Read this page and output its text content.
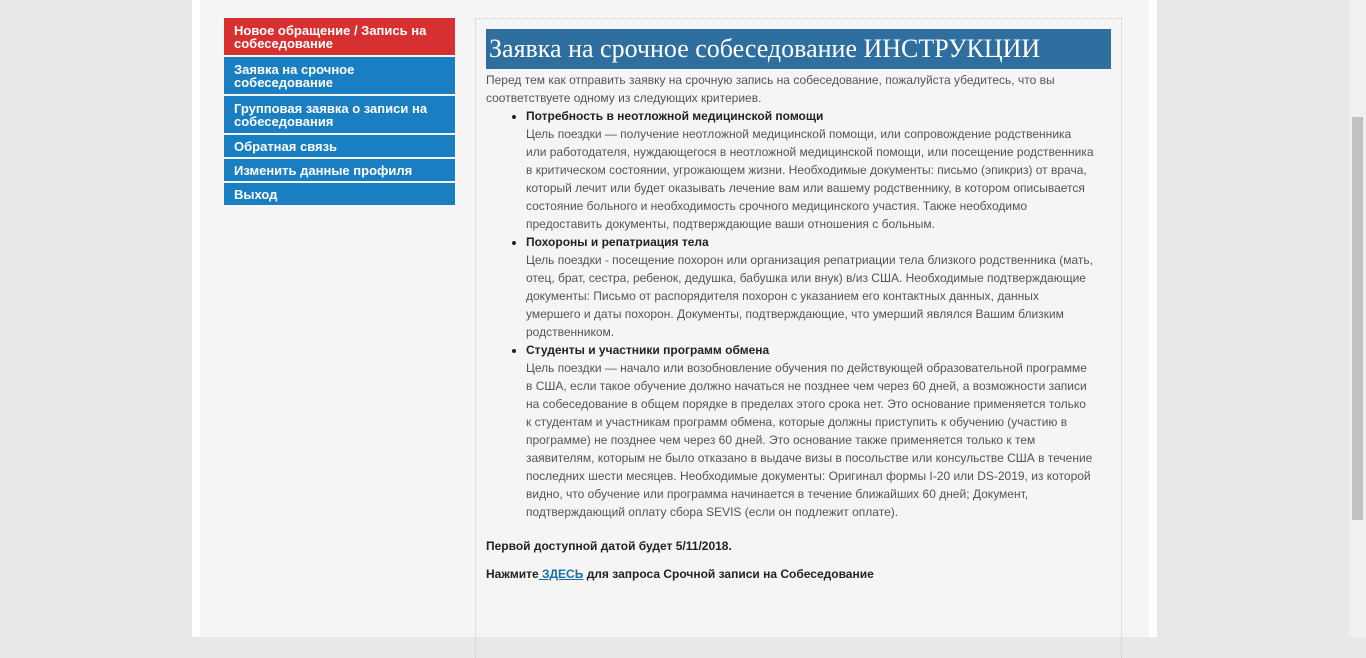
Новое обращение / Запись на собеседование
Заявка на срочное собеседование
Групповая заявка о записи на собеседования
Обратная связь
Изменить данные профиля
Выход
Заявка на срочное собеседование ИНСТРУКЦИИ

Перед тем как отправить заявку на срочную запись на собеседование, пожалуйста убедитесь, что вы соответствуете одному из следующих критериев.

• Потребность в неотложной медицинской помощи
Цель поездки — получение неотложной медицинской помощи, или сопровождение родственника или работодателя, нуждающегося в неотложной медицинской помощи, или посещение родственника в критическом состоянии, угрожающем жизни. Необходимые документы: письмо (эпикриз) от врача, который лечит или будет оказывать лечение вам или вашему родственнику, в котором описывается состояние больного и необходимость срочного медицинского участия. Также необходимо предоставить документы, подтверждающие ваши отношения с больным.
• Похороны и репатриация тела
Цель поездки - посещение похорон или организация репатриации тела близкого родственника (мать, отец, брат, сестра, ребенок, дедушка, бабушка или внук) в/из США. Необходимые подтверждающие документы: Письмо от распорядителя похорон с указанием его контактных данных, данных умершего и даты похорон. Документы, подтверждающие, что умерший являлся Вашим близким родственником.
• Студенты и участники программ обмена
Цель поездки — начало или возобновление обучения по действующей образовательной программе в США, если такое обучение должно начаться не позднее чем через 60 дней, а возможности записи на собеседование в общем порядке в пределах этого срока нет. Это основание применяется только к студентам и участникам программ обмена, которые должны приступить к обучению (участию в программе) не позднее чем через 60 дней. Это основание также применяется только к тем заявителям, которым не было отказано в выдаче визы в посольстве или консульстве США в течение последних шести месяцев. Необходимые документы: Оригинал формы I-20 или DS-2019, из которой видно, что обучение или программа начинается в течение ближайших 60 дней; Документ, подтверждающий оплату сбора SEVIS (если он подлежит оплате).
Первой доступной датой будет 5/11/2018.
Нажмите ЗДЕСЬ для запроса Срочной записи на Собеседование
